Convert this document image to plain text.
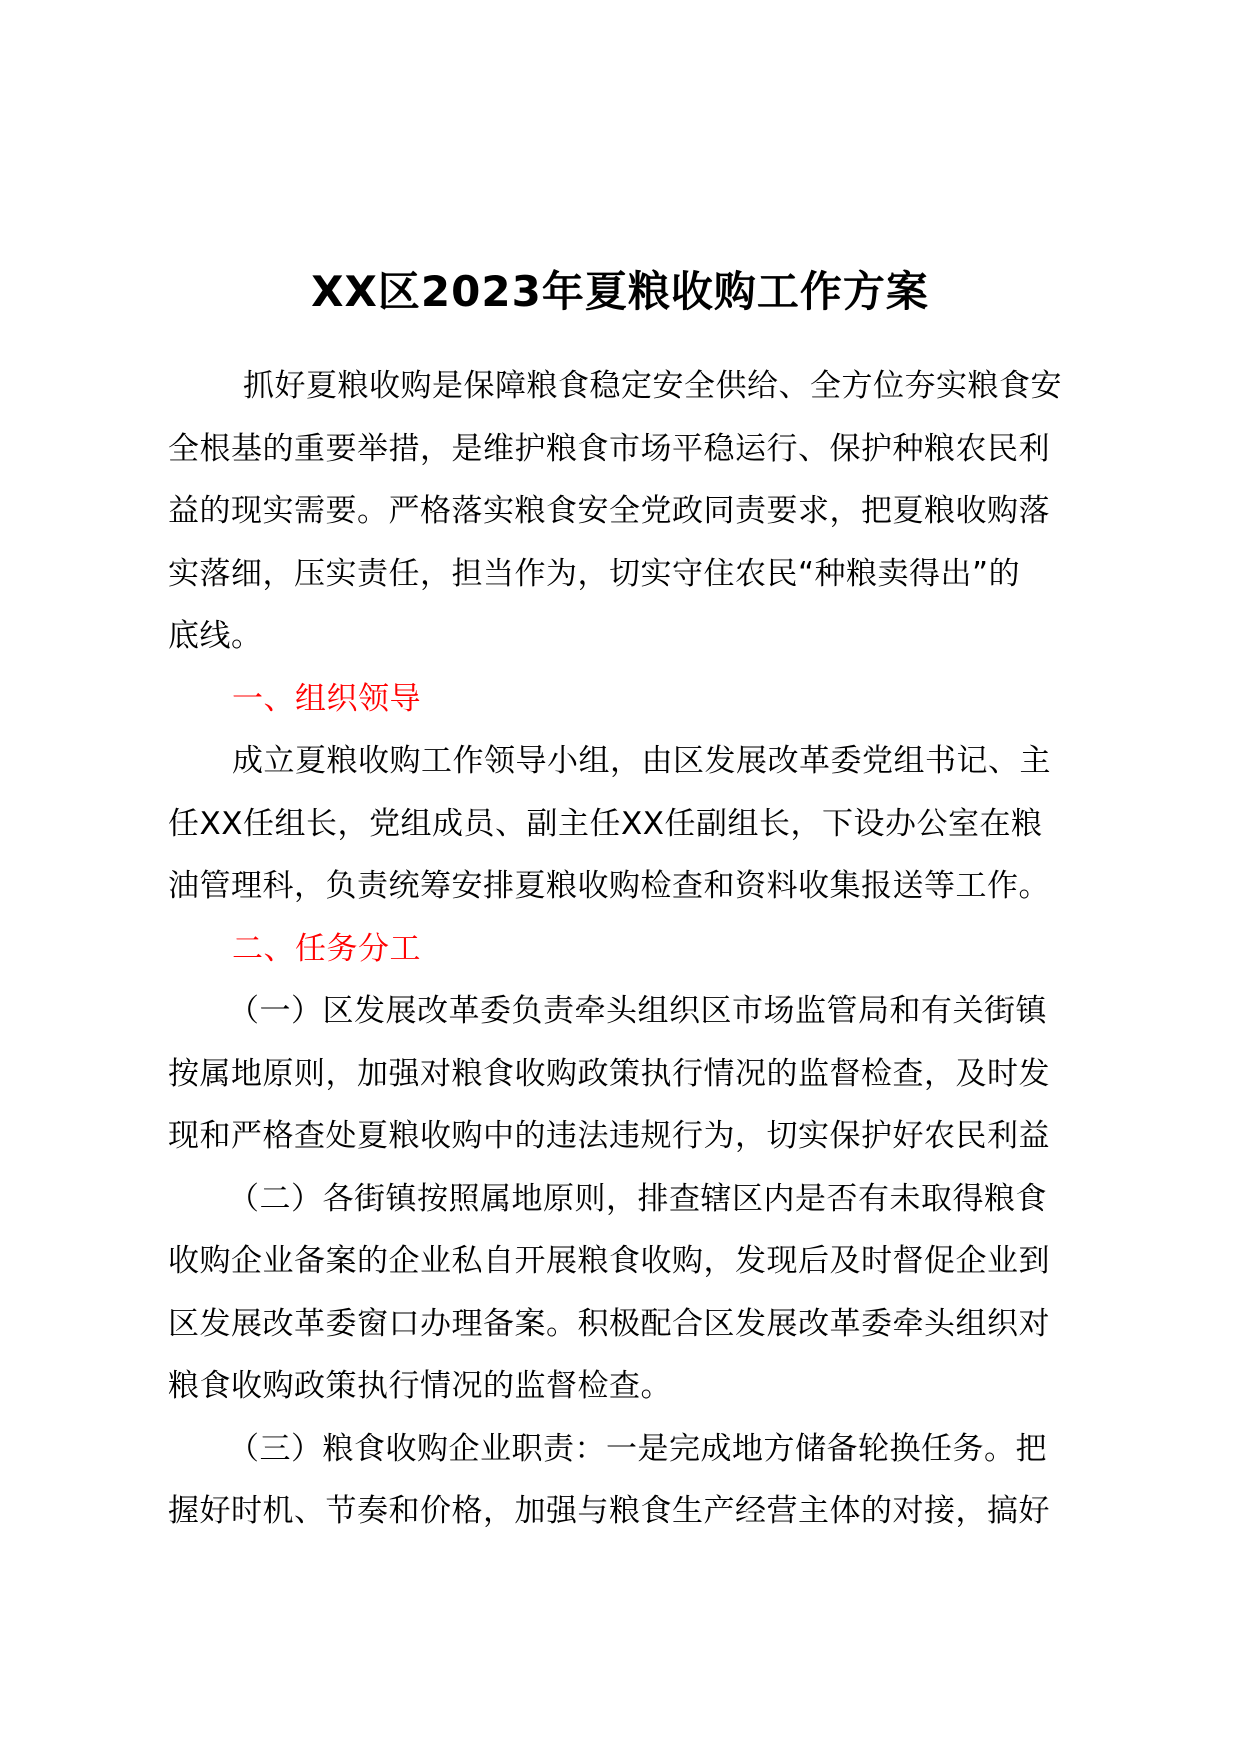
XX区2023年夏粮收购工作方案
抓好夏粮收购是保障粮食稳定安全供给、全方位夯实粮食安
全根基的重要举措，是维护粮食市场平稳运行、保护种粮农民利
益的现实需要。严格落实粮食安全党政同责要求，把夏粮收购落
实落细，压实责任，担当作为，切实守住农民“种粮卖得出”的
底线。
一、组织领导
成立夏粮收购工作领导小组，由区发展改革委党组书记、主
任XX任组长，党组成员、副主任XX任副组长，下设办公室在粮
油管理科，负责统筹安排夏粮收购检查和资料收集报送等工作。
二、任务分工
（一）区发展改革委负责牵头组织区市场监管局和有关街镇
按属地原则，加强对粮食收购政策执行情况的监督检查，及时发
现和严格查处夏粮收购中的违法违规行为，切实保护好农民利益
（二）各街镇按照属地原则，排查辖区内是否有未取得粮食
收购企业备案的企业私自开展粮食收购，发现后及时督促企业到
区发展改革委窗口办理备案。积极配合区发展改革委牵头组织对
粮食收购政策执行情况的监督检查。
（三）粮食收购企业职责：一是完成地方储备轮换任务。把
握好时机、节奏和价格，加强与粮食生产经营主体的对接，搞好
